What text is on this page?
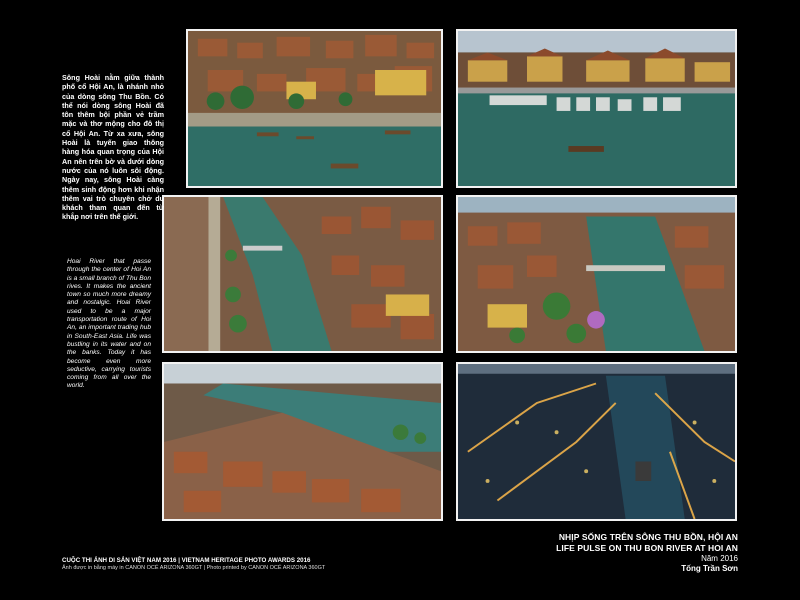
Sông Hoài nằm giữa thành phố cổ Hội An, là nhánh nhỏ của dòng sông Thu Bồn. Có thể nói dòng sông Hoài đã tôn thêm bội phần vẻ trầm mặc và thơ mộng cho đô thị cổ Hội An. Từ xa xưa, sông Hoài là tuyến giao thông hàng hóa quan trọng của Hội An nên trên bờ và dưới dòng nước của nó luôn sôi động. Ngày nay, sông Hoài càng thêm sinh động hơn khi nhận thêm vai trò chuyên chở du khách tham quan đến từ khắp nơi trên thế giới.
Hoai River that passe through the center of Hoi An is a small branch of Thu Bon rives. It makes the ancient town so much more dreamy and nostalgic. Hoai River used to be a major transportation route of Hoi An, an important trading hub in South-East Asia. Life was bustling in its water and on the banks. Today it has become even more seductive, carrying tourists coming from all over the world.
NHỊP SỐNG TRÊN SÔNG THU BỒN, HỘI AN
LIFE PULSE ON THU BON RIVER AT HOI AN
Năm 2016
Tống Trần Sơn
CUỘC THI ẢNH DI SẢN VIỆT NAM 2016 | VIETNAM HERITAGE PHOTO AWARDS 2016
Ảnh được in bằng máy in CANON OCÉ ARIZONA 360GT | Photo printed by CANON OCÉ ARIZONA 360GT
